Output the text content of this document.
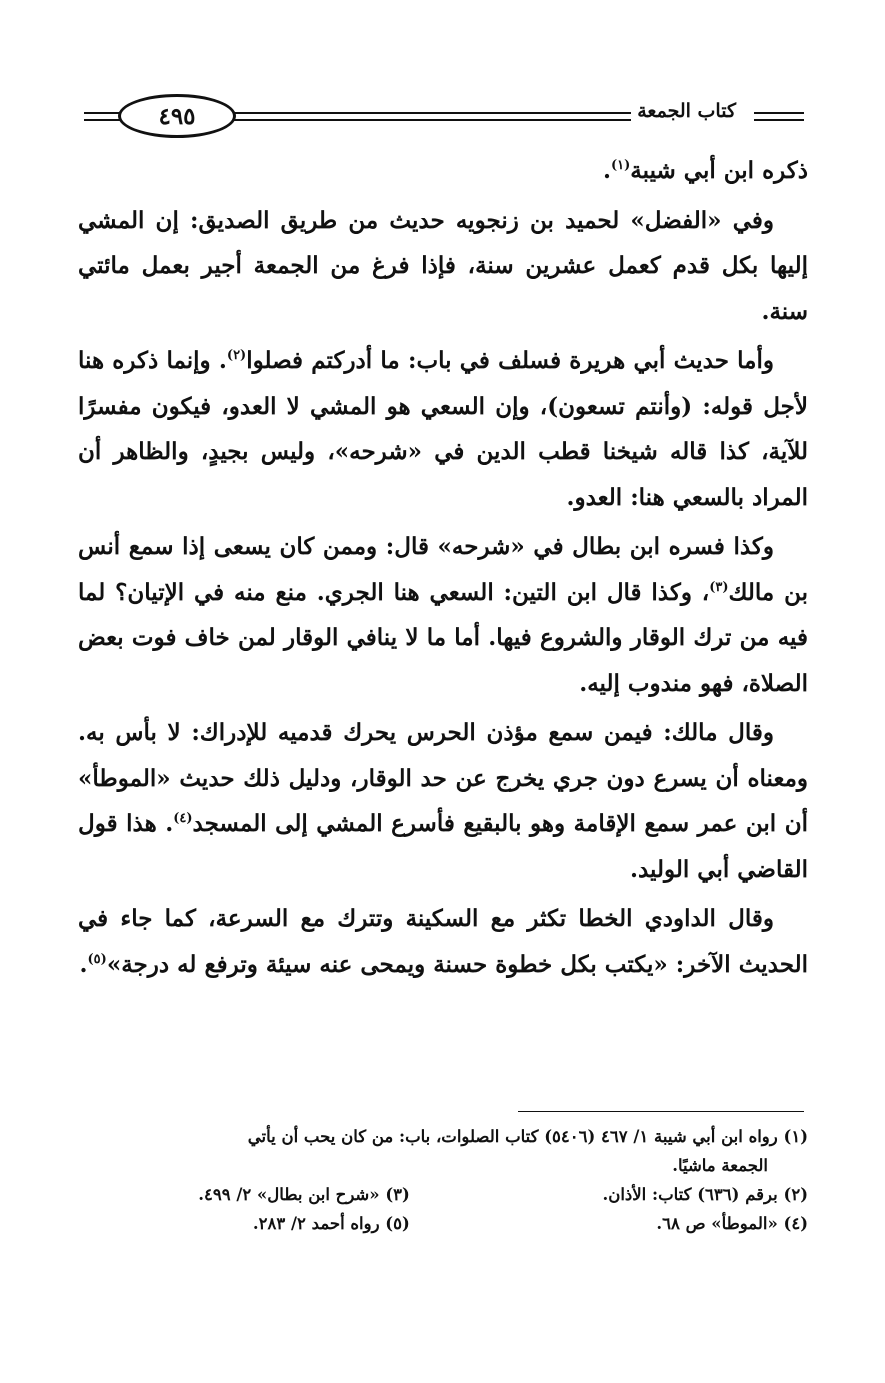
٤٩٥	كتاب الجمعة

ذكره ابن أبي شيبة$^{(١)}$.

وفي «الفضل» لحميد بن زنجويه حديث من طريق الصديق: إن المشي إليها بكل قدم كعمل عشرين سنة، فإذا فرغ من الجمعة أجير بعمل مائتي سنة.

وأما حديث أبي هريرة فسلف في باب: ما أدركتم فصلوا$^{(٢)}$. وإنما ذكره هنا لأجل قوله: (وأنتم تسعون)، وإن السعي هو المشي لا العدو، فيكون مفسرًا للآية، كذا قاله شيخنا قطب الدين في «شرحه»، وليس بجيدٍ، والظاهر أن المراد بالسعي هنا: العدو.

وكذا فسره ابن بطال في «شرحه» قال: وممن كان يسعى إذا سمع أنس بن مالك$^{(٣)}$، وكذا قال ابن التين: السعي هنا الجري. منع منه في الإتيان؟ لما فيه من ترك الوقار والشروع فيها. أما ما لا ينافي الوقار لمن خاف فوت بعض الصلاة، فهو مندوب إليه.

وقال مالك: فيمن سمع مؤذن الحرس يحرك قدميه للإدراك: لا بأس به. ومعناه أن يسرع دون جري يخرج عن حد الوقار، ودليل ذلك حديث «الموطأ» أن ابن عمر سمع الإقامة وهو بالبقيع فأسرع المشي إلى المسجد$^{(٤)}$. هذا قول القاضي أبي الوليد.

وقال الداودي الخطا تكثر مع السكينة وتترك مع السرعة، كما جاء في الحديث الآخر: «يكتب بكل خطوة حسنة ويمحى عنه سيئة وترفع له درجة»$^{(٥)}$.

(١) رواه ابن أبي شيبة ١/ ٤٦٧ (٥٤٠٦) كتاب الصلوات، باب: من كان يحب أن يأتي
الجمعة ماشيًا.
(٢) برقم (٦٣٦) كتاب: الأذان.
(٣) «شرح ابن بطال» ٢/ ٤٩٩.
(٤) «الموطأ» ص ٦٨.
(٥) رواه أحمد ٢/ ٢٨٣.
